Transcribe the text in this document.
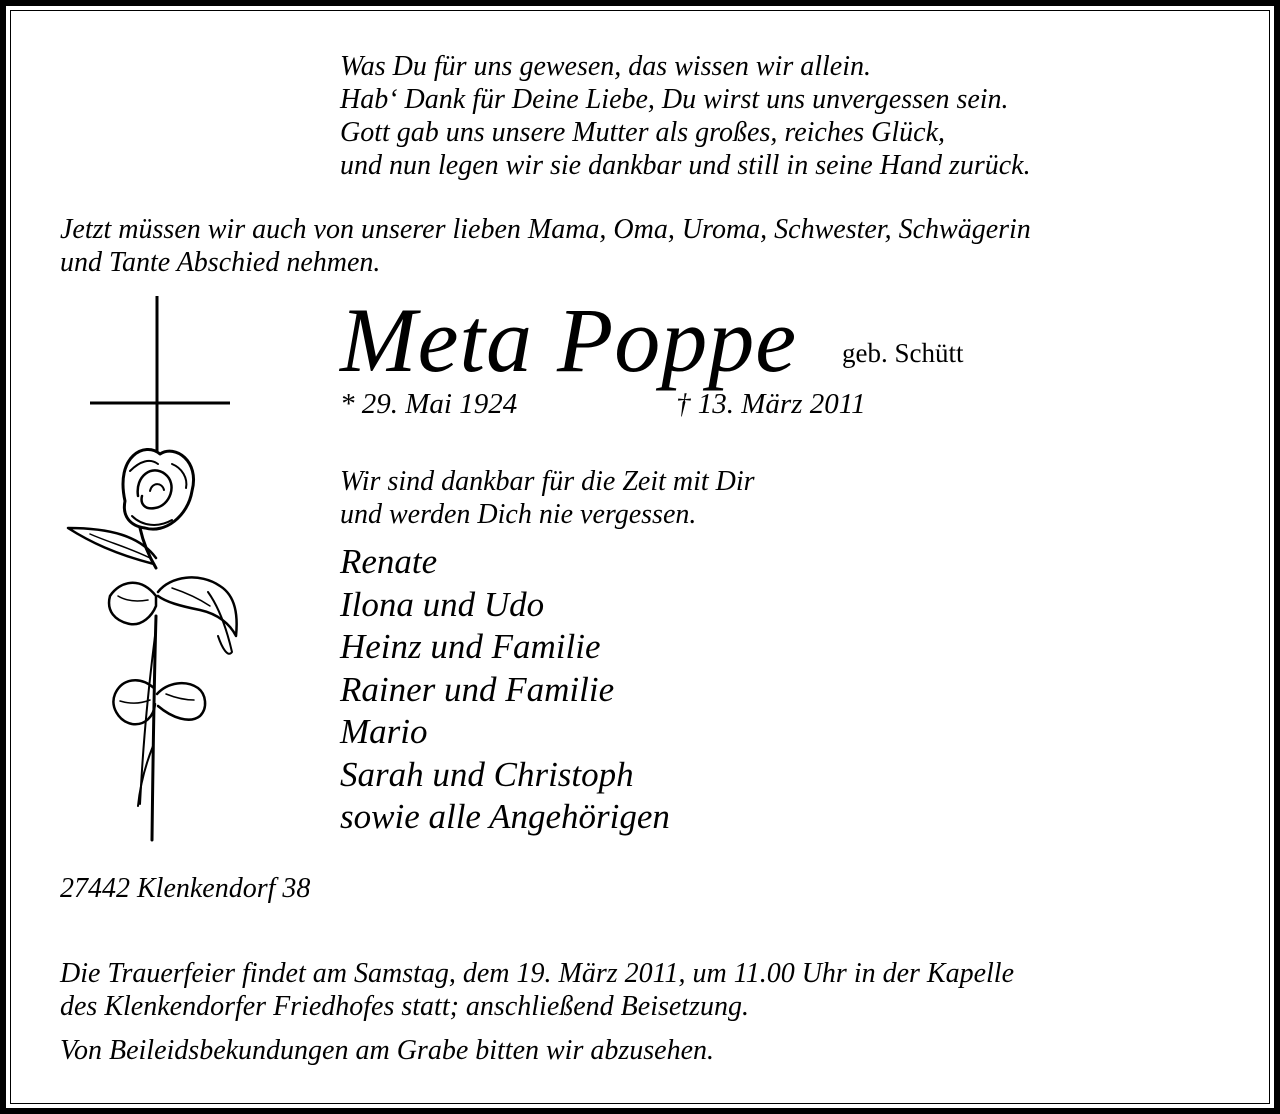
Was Du für uns gewesen, das wissen wir allein.
Hab‘ Dank für Deine Liebe, Du wirst uns unvergessen sein.
Gott gab uns unsere Mutter als großes, reiches Glück,
und nun legen wir sie dankbar und still in seine Hand zurück.
Jetzt müssen wir auch von unserer lieben Mama, Oma, Uroma, Schwester, Schwägerin
und Tante Abschied nehmen.
Meta Poppe geb. Schütt
* 29. Mai 1924	† 13. März 2011
Wir sind dankbar für die Zeit mit Dir
und werden Dich nie vergessen.
Renate
Ilona und Udo
Heinz und Familie
Rainer und Familie
Mario
Sarah und Christoph
sowie alle Angehörigen
27442 Klenkendorf 38
Die Trauerfeier findet am Samstag, dem 19. März 2011, um 11.00 Uhr in der Kapelle
des Klenkendorfer Friedhofes statt; anschließend Beisetzung.
Von Beileidsbekundungen am Grabe bitten wir abzusehen.
